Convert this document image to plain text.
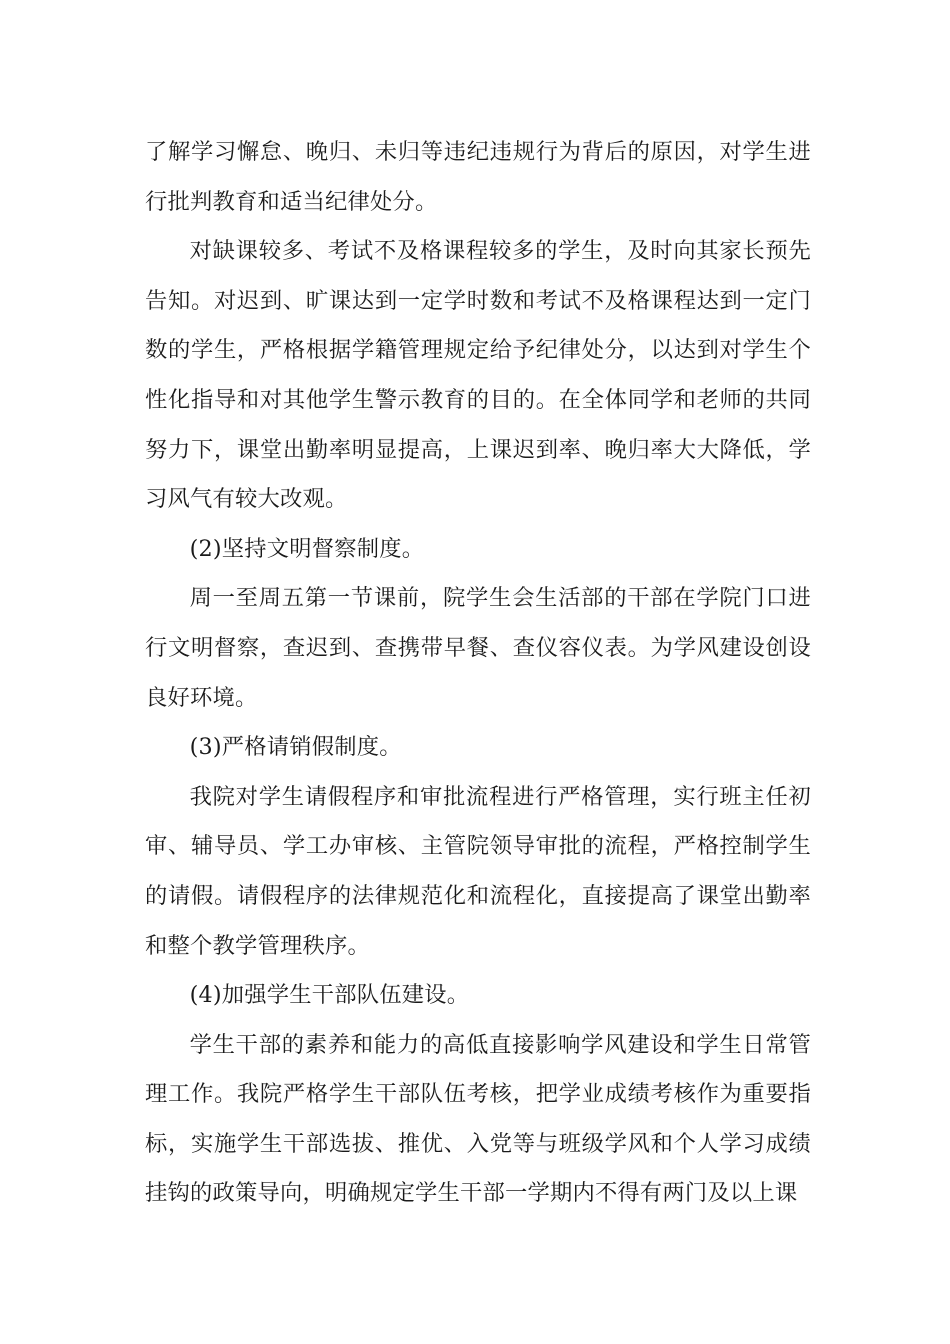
了解学习懈怠、晚归、未归等违纪违规行为背后的原因，对学生进行批判教育和适当纪律处分。

对缺课较多、考试不及格课程较多的学生，及时向其家长预先告知。对迟到、旷课达到一定学时数和考试不及格课程达到一定门数的学生，严格根据学籍管理规定给予纪律处分，以达到对学生个性化指导和对其他学生警示教育的目的。在全体同学和老师的共同努力下，课堂出勤率明显提高，上课迟到率、晚归率大大降低，学习风气有较大改观。

(2)坚持文明督察制度。

周一至周五第一节课前，院学生会生活部的干部在学院门口进行文明督察，查迟到、查携带早餐、查仪容仪表。为学风建设创设良好环境。

(3)严格请销假制度。

我院对学生请假程序和审批流程进行严格管理，实行班主任初审、辅导员、学工办审核、主管院领导审批的流程，严格控制学生的请假。请假程序的法律规范化和流程化，直接提高了课堂出勤率和整个教学管理秩序。

(4)加强学生干部队伍建设。

学生干部的素养和能力的高低直接影响学风建设和学生日常管理工作。我院严格学生干部队伍考核，把学业成绩考核作为重要指标，实施学生干部选拔、推优、入党等与班级学风和个人学习成绩挂钩的政策导向，明确规定学生干部一学期内不得有两门及以上课
